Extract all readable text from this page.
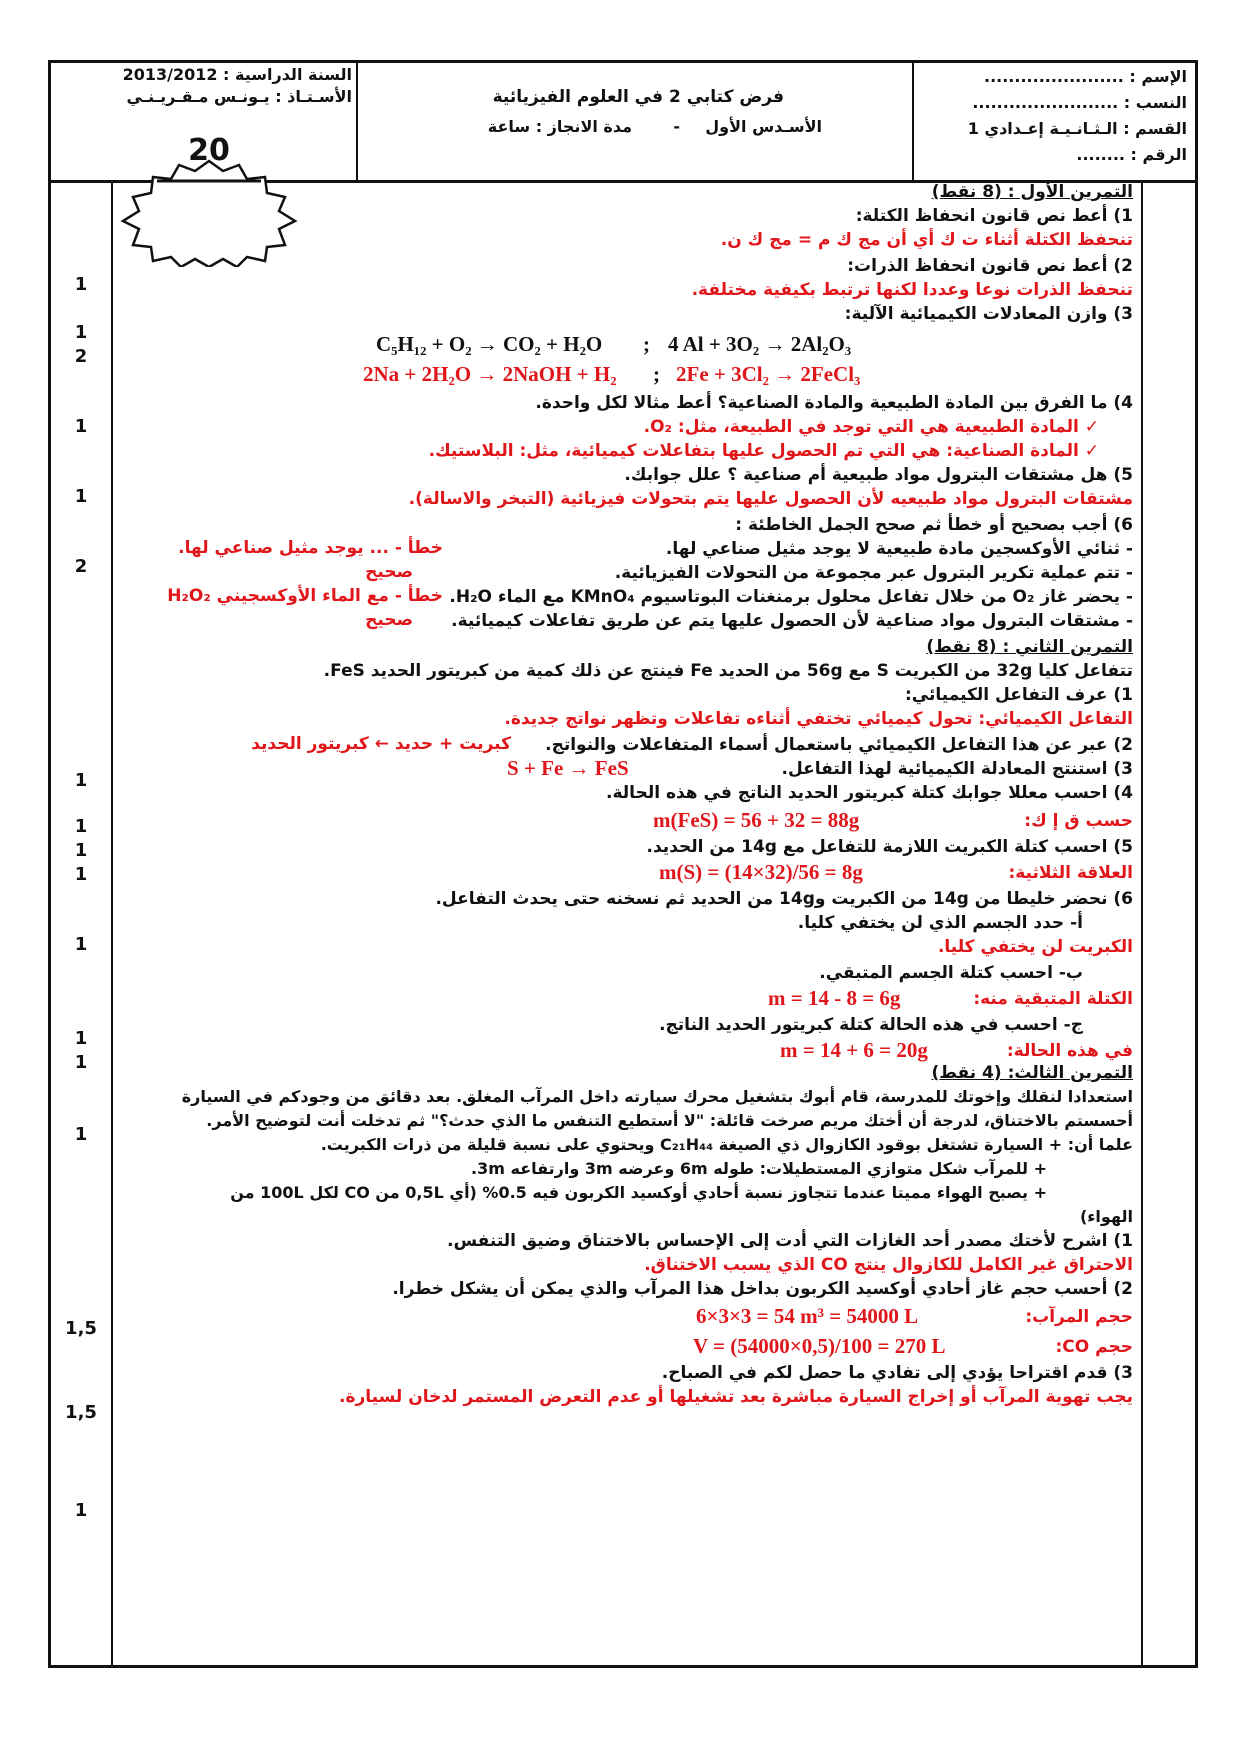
السنة الدراسية : 2013/2012
الأسـتـاذ : يـونـس مـقـريـنـي	فرض كتابي 2 في العلوم الفيزيائية
الأسـدس الأول
-
مدة الانجاز : ساعة
الإسم : .......................
النسب : ........................
القسم : الـثـانـيـة إعـدادي 1
الرقم : ........
20
1
1
2
1
1
2
1
1
1
1
1
1
1
1
1,5
1,5
1
التمرين الأول : (8 نقط)
1) أعط نص قانون انحفاظ الكتلة:
تنحفظ الكتلة أثناء ت ك أي أن مج ك م = مج ك ن.
2) أعط نص قانون انحفاظ الذرات:
تنحفظ الذرات نوعا وعددا لكنها ترتبط بكيفية مختلفة.
3) وازن المعادلات الكيميائية الآلية:
C₅H₁₂ + O₂ → CO₂ + H₂O ; 4 Al + 3O₂ → 2Al₂O₃
2Na + 2H₂O → 2NaOH + H₂ ; 2Fe + 3Cl₂ → 2FeCl₃
4) ما الفرق بين المادة الطبيعية والمادة الصناعية؟ أعط مثالا لكل واحدة.
✓ المادة الطبيعية هي التي توجد في الطبيعة، مثل: O₂.
✓ المادة الصناعية: هي التي تم الحصول عليها بتفاعلات كيميائية، مثل: البلاستيك.
5) هل مشتقات البترول مواد طبيعية أم صناعية ؟ علل جوابك.
مشتقات البترول مواد طبيعيه لأن الحصول عليها يتم بتحولات فيزيائية (التبخر والاسالة).
6) أجب بصحيح أو خطأ ثم صحح الجمل الخاطئة :
- ثنائي الأوكسجين مادة طبيعية لا يوجد مثيل صناعي لها.
خطأ - ... يوجد مثيل صناعي لها.
- تتم عملية تكرير البترول عبر مجموعة من التحولات الفيزيائية.
صحيح
- يحضر غاز O₂ من خلال تفاعل محلول برمنغنات البوتاسيوم KMnO₄ مع الماء H₂O.
خطأ - مع الماء الأوكسجيني H₂O₂
- مشتقات البترول مواد صناعية لأن الحصول عليها يتم عن طريق تفاعلات كيميائية.
صحيح
التمرين الثاني : (8 نقط)
تتفاعل كليا 32g من الكبريت S مع 56g من الحديد Fe فينتج عن ذلك كمية من كبريتور الحديد FeS.
1) عرف التفاعل الكيميائي:
التفاعل الكيميائي: تحول كيميائي تختفي أثناءه تفاعلات وتظهر نواتج جديدة.
2) عبر عن هذا التفاعل الكيميائي باستعمال أسماء المتفاعلات والنواتج.
كبريت + حديد ← كبريتور الحديد
3) استنتج المعادلة الكيميائية لهذا التفاعل.
S + Fe → FeS
4) احسب معللا جوابك كتلة كبريتور الحديد الناتج في هذه الحالة.
حسب ق إ ك:
m(FeS) = 56 + 32 = 88g
5) احسب كتلة الكبريت اللازمة للتفاعل مع 14g من الحديد.
العلاقة الثلاثية:
m(S) = (14×32)/56 = 8g
6) نحضر خليطا من 14g من الكبريت و14g من الحديد ثم نسخنه حتى يحدث التفاعل.
أ- حدد الجسم الذي لن يختفي كليا.
الكبريت لن يختفي كليا.
ب- احسب كتلة الجسم المتبقي.
الكتلة المتبقية منه:
m = 14 - 8 = 6g
ج- احسب في هذه الحالة كتلة كبريتور الحديد الناتج.
في هذه الحالة:
m = 14 + 6 = 20g
التمرين الثالث: (4 نقط)
استعدادا لنقلك وإخوتك للمدرسة، قام أبوك بتشغيل محرك سيارته داخل المرآب المغلق. بعد دقائق من وجودكم في السيارة
أحسستم بالاختناق، لدرجة أن أختك مريم صرخت قائلة: "لا أستطيع التنفس ما الذي حدث؟" ثم تدخلت أنت لتوضيح الأمر.
علما أن: + السيارة تشتغل بوقود الكازوال ذي الصيغة C₂₁H₄₄ ويحتوي على نسبة قليلة من ذرات الكبريت.
+ للمرآب شكل متوازي المستطيلات: طوله 6m وعرضه 3m وارتفاعه 3m.
+ يصبح الهواء مميتا عندما تتجاوز نسبة أحادي أوكسيد الكربون فيه 0.5% (أي 0,5L من CO لكل 100L من
الهواء)
1) اشرح لأختك مصدر أحد الغازات التي أدت إلى الإحساس بالاختناق وضيق التنفس.
الاحتراق غير الكامل للكازوال ينتج CO الذي يسبب الاختناق.
2) أحسب حجم غاز أحادي أوكسيد الكربون بداخل هذا المرآب والذي يمكن أن يشكل خطرا.
حجم المرآب:
6×3×3 = 54 m³ = 54000 L
حجم CO:
V = (54000×0,5)/100 = 270 L
3) قدم اقتراحا يؤدي إلى تفادي ما حصل لكم في الصباح.
يجب تهوية المرآب أو إخراج السيارة مباشرة بعد تشغيلها أو عدم التعرض المستمر لدخان لسيارة.
